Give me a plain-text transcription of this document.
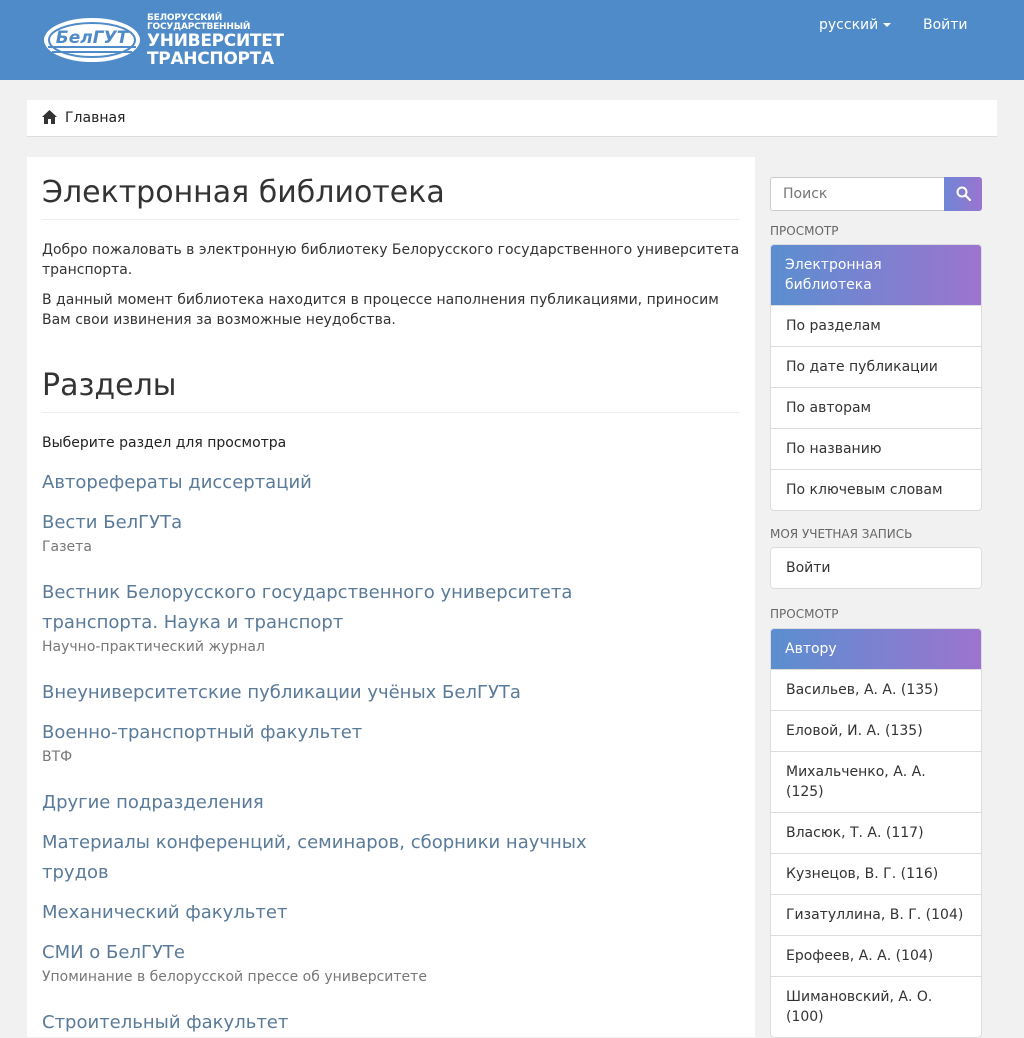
БелГУТ
БЕЛОРУССКИЙ
ГОСУДАРСТВЕННЫЙ
УНИВЕРСИТЕТ
ТРАНСПОРТА
русский	Войти
Главная
Электронная библиотека

Добро пожаловать в электронную библиотеку Белорусского государственного университета транспорта.

В данный момент библиотека находится в процессе наполнения публикациями, приносим Вам свои извинения за возможные неудобства.

Разделы
Выберите раздел для просмотра
Авторефераты диссертаций
Вести БелГУТа
Газета
Вестник Белорусского государственного университета транспорта. Наука и транспорт
Научно-практический журнал
Внеуниверситетские публикации учёных БелГУТа
Военно-транспортный факультет
ВТФ
Другие подразделения
Материалы конференций, семинаров, сборники научных трудов
Механический факультет
СМИ о БелГУТе
Упоминание в белорусской прессе об университете
Строительный факультет
Поиск
ПРОСМОТР
Электронная библиотека
По разделам
По дате публикации
По авторам
По названию
По ключевым словам
МОЯ УЧЕТНАЯ ЗАПИСЬ
Войти
ПРОСМОТР
Автору
Васильев, А. А. (135)
Еловой, И. А. (135)
Михальченко, А. А. (125)
Власюк, Т. А. (117)
Кузнецов, В. Г. (116)
Гизатуллина, В. Г. (104)
Ерофеев, А. А. (104)
Шимановский, А. О. (100)
